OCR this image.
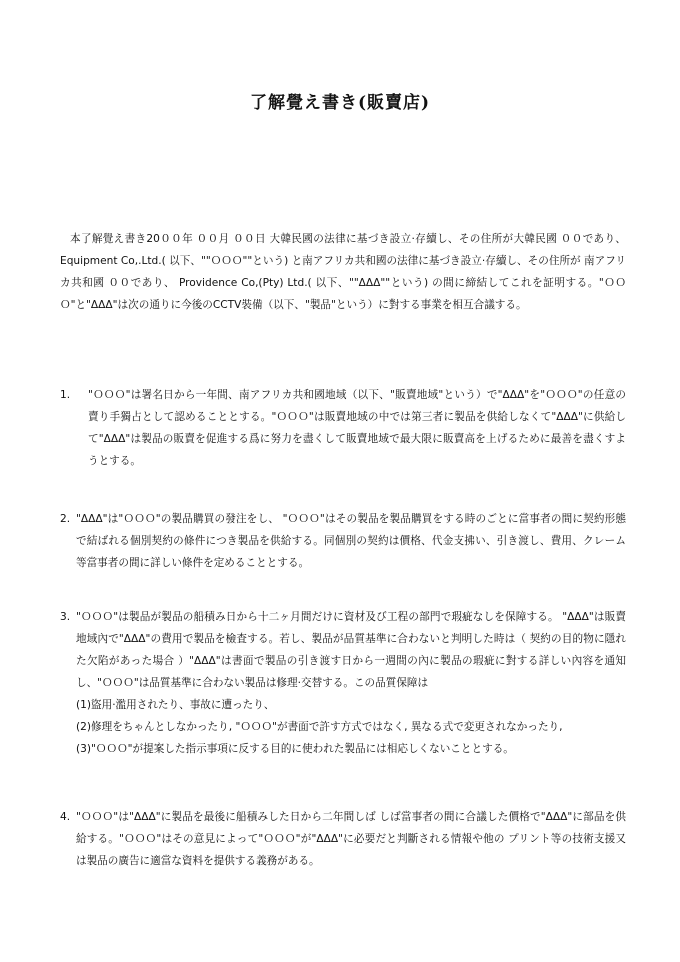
了解覺え書き(販賣店)

本了解覺え書き20００年 ００月 ００日 大韓民國の法律に基づき設立·存續し、その住所が大韓民國 ００であり、 Equipment Co,.Ltd.( 以下、""ＯＯＯ""という) と南アフリカ共和國の法律に基づき設立·存續し、その住所が 南アフリカ共和國 ００であり、 Providence Co,(Pty) Ltd.( 以下、""ΔΔΔ""という) の間に締結してこれを証明する。"ＯＯＯ"と"ΔΔΔ"は次の通りに今後のCCTV裝備（以下、"製品"という）に對する事業を相互合議する。

1.	"ＯＯＯ"は署名日から一年間、南アフリカ共和國地域（以下、"販賣地域"という）で"ΔΔΔ"を"ＯＯＯ"の任意の 賣り手獨占として認めることとする。"ＯＯＯ"は販賣地域の中では第三者に製品を供給しなくて"ΔΔΔ"に供給して"ΔΔΔ"は製品の販賣を促進する爲に努力を盡くして販賣地域で最大限に販賣高を上げるために最善を盡くすようとする。
2. "ΔΔΔ"は"ＯＯＯ"の製品購買の發注をし、 "ＯＯＯ"はその製品を製品購買をする時のごとに當事者の間に契約形態で結ばれる個別契約の條件につき製品を供給する。同個別の契約は價格、代金支拂い、引き渡し、費用、クレーム等當事者の間に詳しい條件を定めることとする。
3. "ＯＯＯ"は製品が製品の船積み日から十二ヶ月間だけに資材及び工程の部門で瑕疵なしを保障する。 "ΔΔΔ"は販賣地域內で"ΔΔΔ"の費用で製品を檢査する。若し、製品が品質基準に合わないと判明した時は（ 契約の目的物に隱れた欠陷があった場合 ）"ΔΔΔ"は書面で製品の引き渡す日から一週間の內に製品の瑕疵に對する詳しい內容を通知し、"ＯＯＯ"は品質基準に合わない製品は修理·交替する。この品質保障は
(1)盜用·濫用されたり、事故に遭ったり、
(2)修理をちゃんとしなかったり, "ＯＯＯ"が書面で許す方式ではなく, 異なる式で変更されなかったり,
(3)"ＯＯＯ"が提案した指示事項に反する目的に使われた製品には相応しくないこととする。
4. "ＯＯＯ"は"ΔΔΔ"に製品を最後に船積みした日から二年間しば しば當事者の間に合議した價格で"ΔΔΔ"に部品を供給する。"ＯＯＯ"はその意見によって"ＯＯＯ"が"ΔΔΔ"に必要だと判斷される情報や他の プリント等の技術支援又は製品の廣告に適當な資料を提供する義務がある。
